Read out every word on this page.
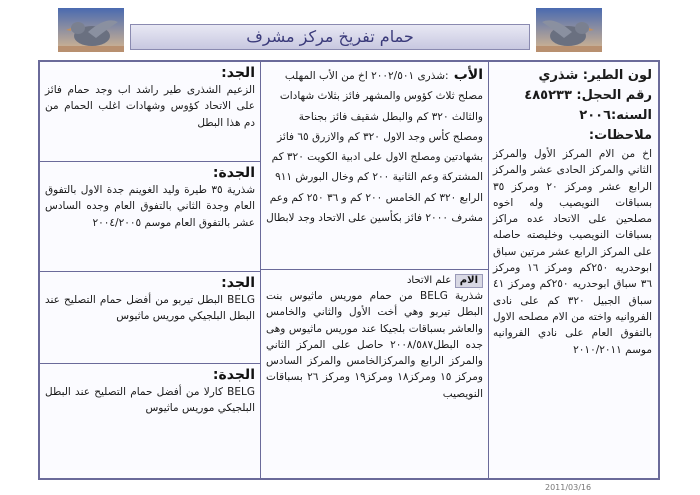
حمام تفريخ مركز مشرف
لون الطير: شذري
رقم الحجل: ٤٨٥٢٣٣
السنه:٢٠٠٦
ملاحظات:

اخ من الام المركز الأول والمركز الثاني والمركز الحادى عشر والمركز الرابع عشر ومركز ٢٠ ومركز ٣٥ بسباقات النويصيب وله اخوه مصلحين على الاتحاد عده مراكز بسباقات النويصيب وخليصته حاصله على المركز الرابع عشر مرتين سباق ابوحدريه ٢٥٠كم ومركز ١٦ ومركز ٣٦ سباق ابوحدريه ٢٥٠كم ومركز ٤١ سباق الجبيل ٣٢٠ كم على نادى الفروانيه واخته من الام مصلحه الاول بالتفوق العام على نادي الفروانيه موسم ٢٠١٠/٢٠١١

الأب

:شذرى ٢٠٠٢/٥٠١ اخ من الأب المهلب مصلح ثلاث كؤوس والمشهر فائز بثلاث شهادات والثالث ٣٢٠ كم والبطل شقيف فائز بجناحة ومصلح كأس وجد الاول ٣٢٠ كم والازرق ٦٥ فائز بشهادتين ومصلح الاول على ادبية الكويت ٣٢٠ كم المشتركة وعم الثانية ٢٠٠ كم وخال البورش ٩١١ الرابع ٣٢٠ كم الخامس ٢٠٠ كم و ٣٦ ٢٥٠ كم وعم مشرف ٢٠٠٠ فائز بكأسين على الاتحاد وجد لابطال

الام علم الاتحاد

شذرية BELG من حمام موريس ماثيوس بنت البطل تيربو وهي أخت الأول والثاني والخامس والعاشر بسباقات بلجيكا عند موريس ماثيوس وهى جده البطل٢٠٠٨/٥٨٧ حاصل على المركز الثاني والمركز الرابع والمركزالخامس والمركز السادس ومركز ١٥ ومركز١٨ ومركز١٩ ومركز ٢٦ بسباقات النويصيب

الجد:

الزعيم الشذرى طير راشد اب وجد حمام فائز على الاتحاد كؤوس وشهادات اغلب الحمام من دم هذا البطل

الجدة:

شذرية ٣٥ طيرة وليد الغوينم جدة الاول بالتفوق العام وجدة الثاني بالتفوق العام وجده السادس عشر بالتفوق العام موسم ٢٠٠٤/٢٠٠٥

الجد:

BELG البطل تيربو من أفضل حمام التصليح عند البطل البلجيكي موريس ماثيوس

الجدة:

BELG كارلا من أفضل حمام التصليح عند البطل البلجيكي موريس ماثيوس

2011/03/16
